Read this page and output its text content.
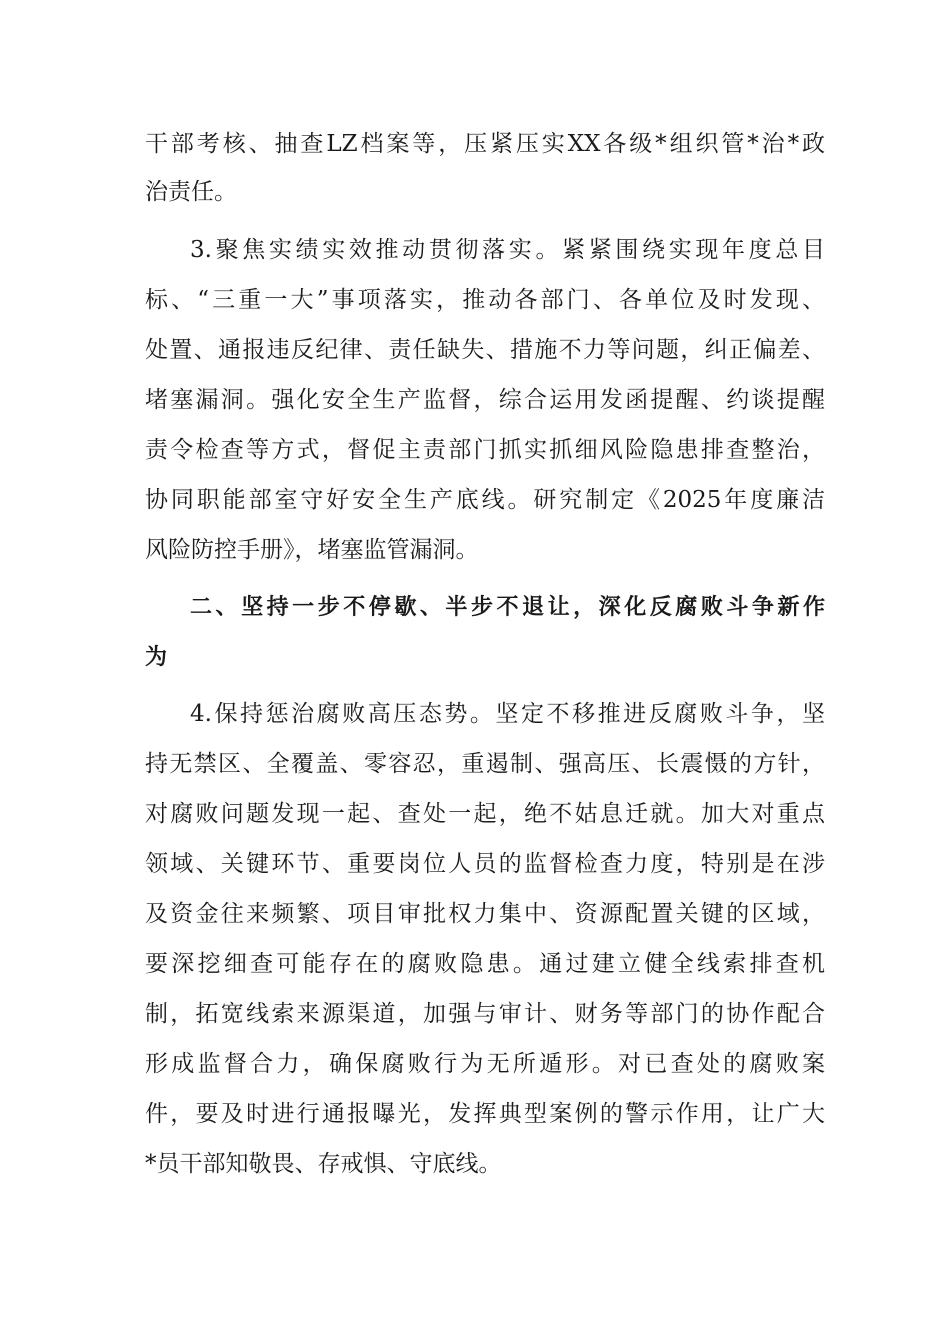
干部考核、抽查LZ档案等，压紧压实XX各级*组织管*治*政
治责任。
3.聚焦实绩实效推动贯彻落实。紧紧围绕实现年度总目
标、“三重一大”事项落实，推动各部门、各单位及时发现、
处置、通报违反纪律、责任缺失、措施不力等问题，纠正偏差、
堵塞漏洞。强化安全生产监督，综合运用发函提醒、约谈提醒
责令检查等方式，督促主责部门抓实抓细风险隐患排查整治，
协同职能部室守好安全生产底线。研究制定《2025年度廉洁
风险防控手册》，堵塞监管漏洞。
二、坚持一步不停歇、半步不退让，深化反腐败斗争新作
为
4.保持惩治腐败高压态势。坚定不移推进反腐败斗争，坚
持无禁区、全覆盖、零容忍，重遏制、强高压、长震慑的方针，
对腐败问题发现一起、查处一起，绝不姑息迁就。加大对重点
领域、关键环节、重要岗位人员的监督检查力度，特别是在涉
及资金往来频繁、项目审批权力集中、资源配置关键的区域，
要深挖细查可能存在的腐败隐患。通过建立健全线索排查机
制，拓宽线索来源渠道，加强与审计、财务等部门的协作配合
形成监督合力，确保腐败行为无所遁形。对已查处的腐败案
件，要及时进行通报曝光，发挥典型案例的警示作用，让广大
*员干部知敬畏、存戒惧、守底线。
